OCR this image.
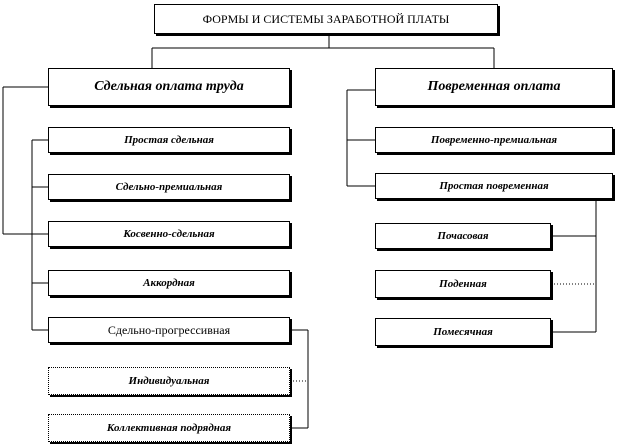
ФОРМЫ И СИСТЕМЫ ЗАРАБОТНОЙ ПЛАТЫ
Сдельная оплата труда	Повременная оплата
Простая сдельная
Сдельно-премиальная
Косвенно-сдельная
Аккордная
Сдельно-прогрессивная
Индивидуальная
Коллективная подрядная
Повременно-премиальная
Простая повременная
Почасовая
Поденная
Помесячная
